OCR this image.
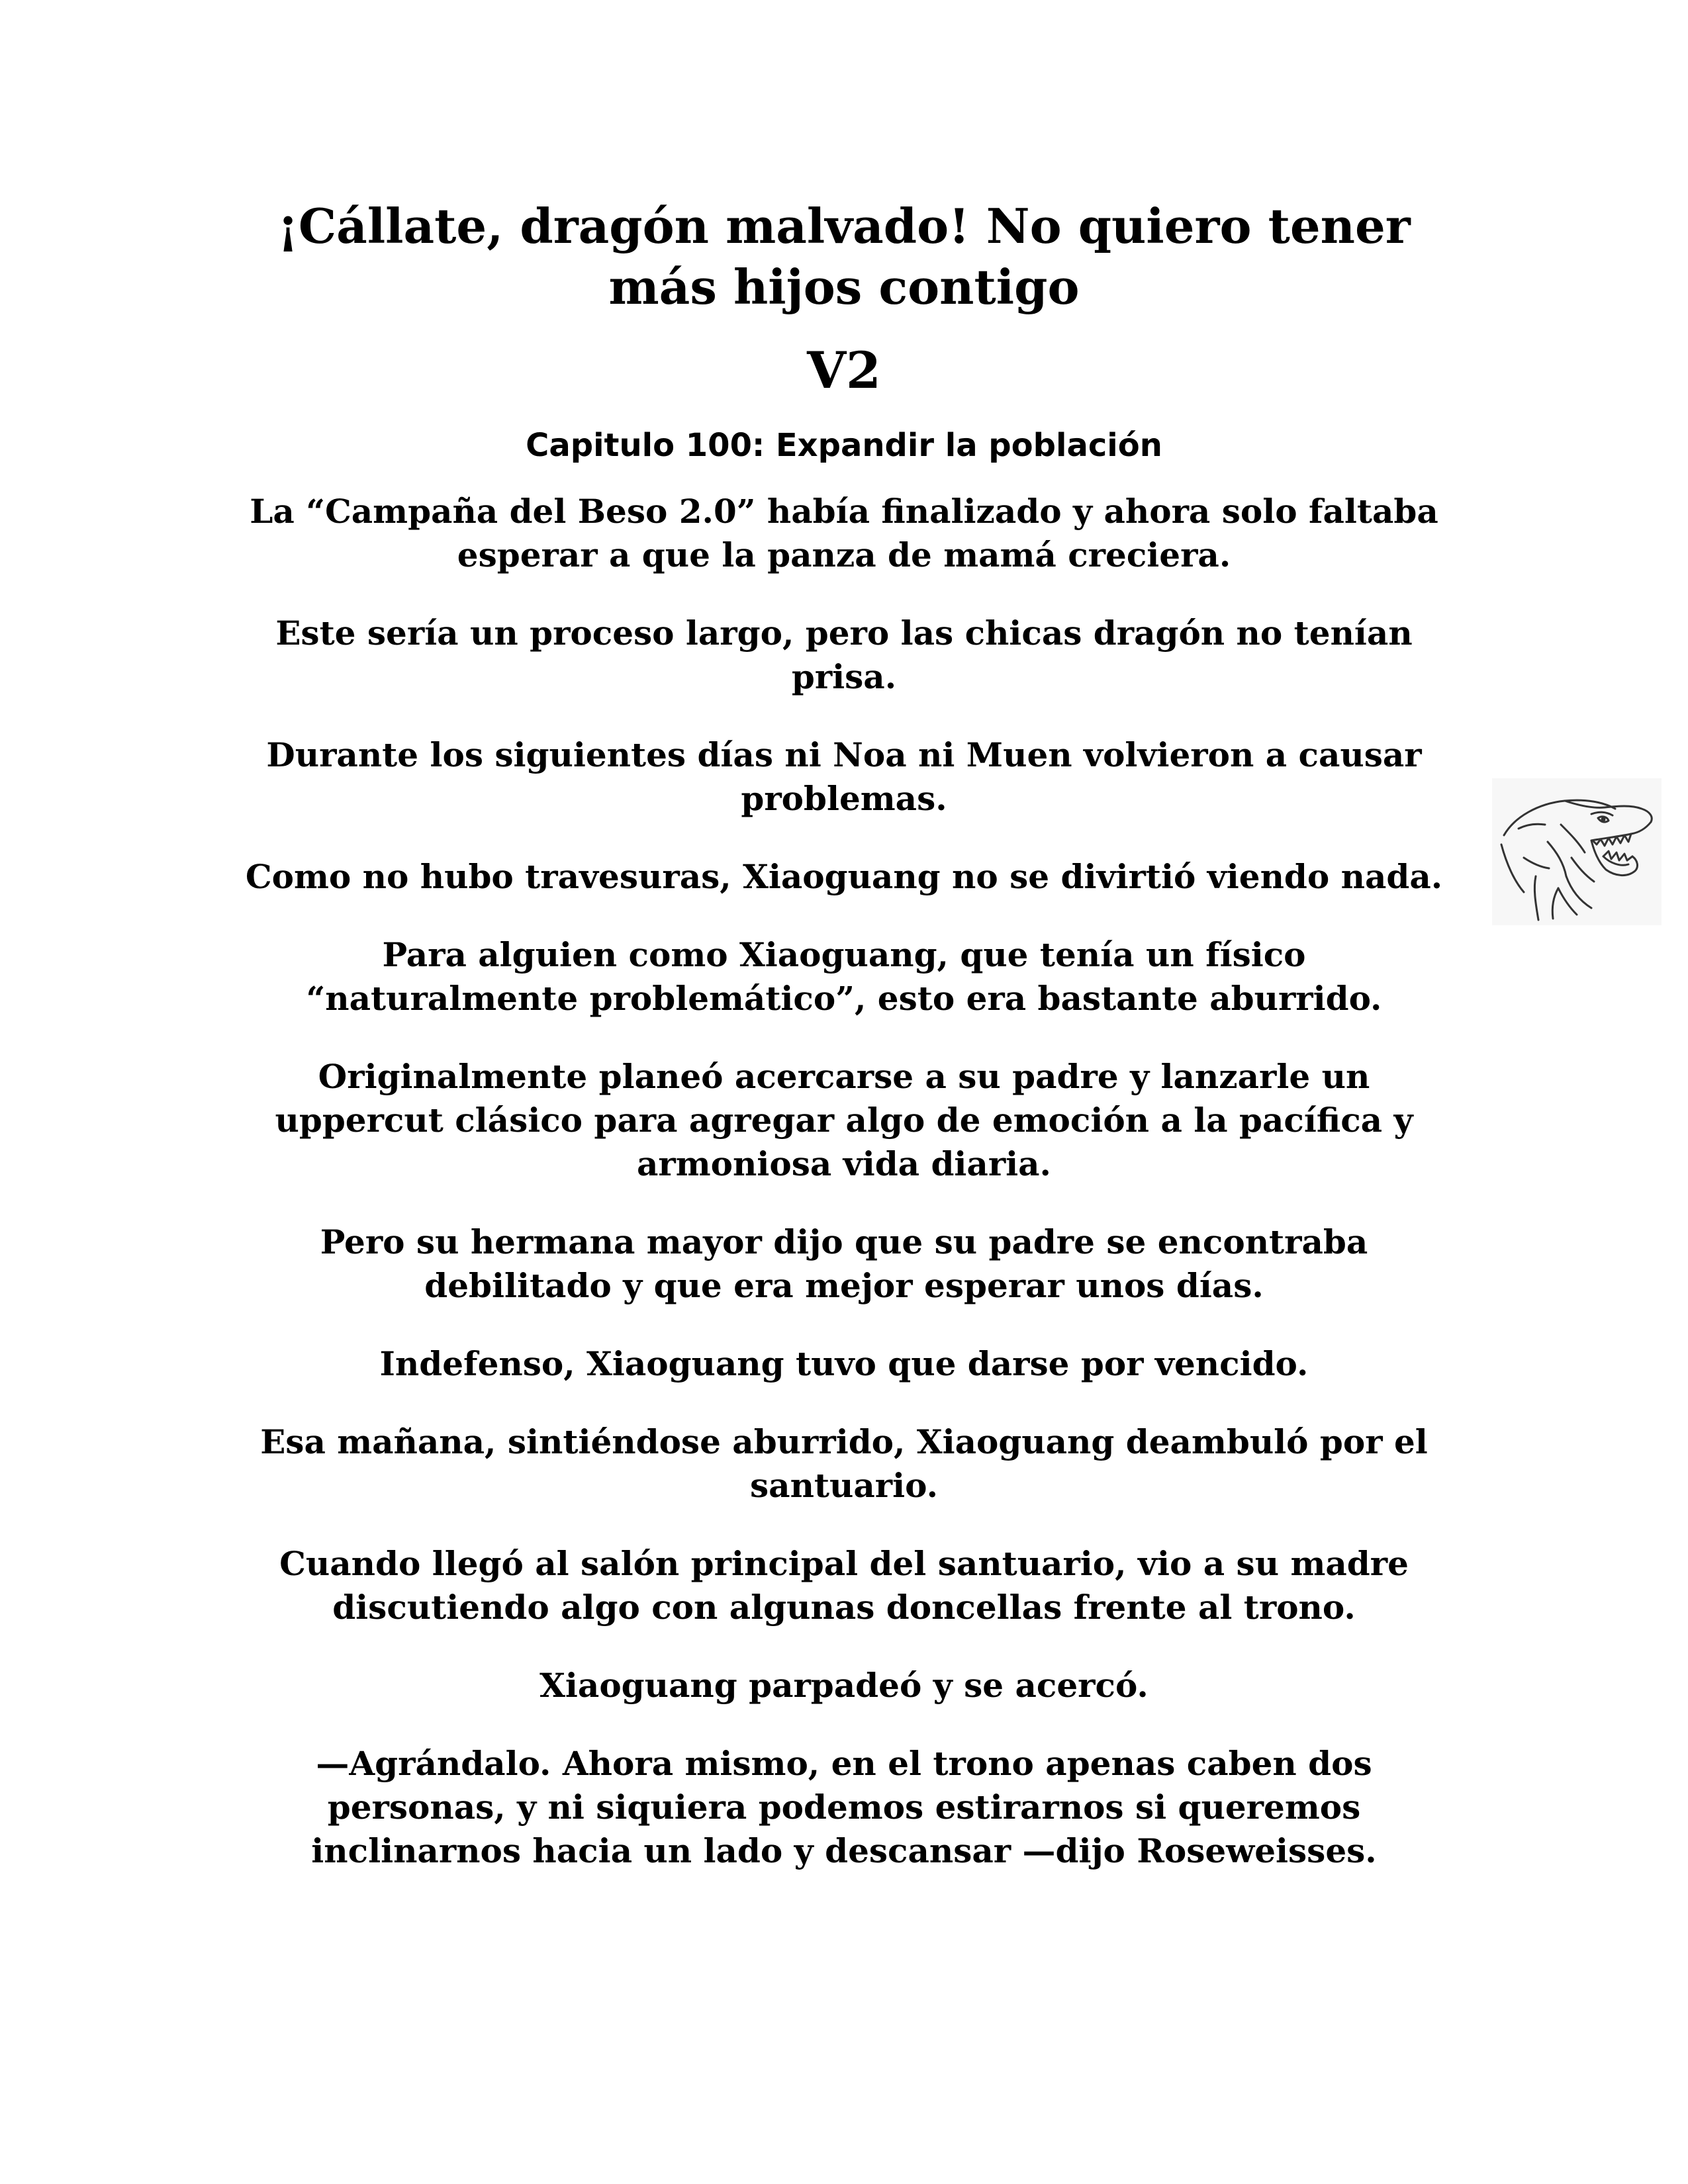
¡Cállate, dragón malvado! No quiero tener más hijos contigo
V2
Capitulo 100: Expandir la población

La “Campaña del Beso 2.0” había finalizado y ahora solo faltaba esperar a que la panza de mamá creciera.

Este sería un proceso largo, pero las chicas dragón no tenían prisa.

Durante los siguientes días ni Noa ni Muen volvieron a causar problemas.

Como no hubo travesuras, Xiaoguang no se divirtió viendo nada.

Para alguien como Xiaoguang, que tenía un físico “naturalmente problemático”, esto era bastante aburrido.

Originalmente planeó acercarse a su padre y lanzarle un uppercut clásico para agregar algo de emoción a la pacífica y armoniosa vida diaria.

Pero su hermana mayor dijo que su padre se encontraba debilitado y que era mejor esperar unos días.

Indefenso, Xiaoguang tuvo que darse por vencido.

Esa mañana, sintiéndose aburrido, Xiaoguang deambuló por el santuario.

Cuando llegó al salón principal del santuario, vio a su madre discutiendo algo con algunas doncellas frente al trono.

Xiaoguang parpadeó y se acercó.

—Agrándalo. Ahora mismo, en el trono apenas caben dos personas, y ni siquiera podemos estirarnos si queremos inclinarnos hacia un lado y descansar —dijo Roseweisses.
